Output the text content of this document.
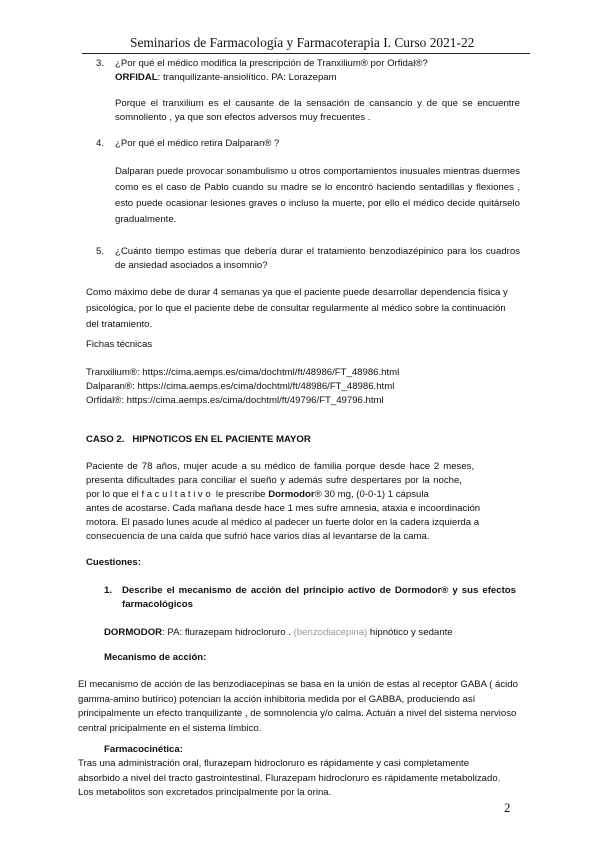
Seminarios de Farmacología y Farmacoterapia I. Curso 2021-22

3. ¿Por qué el médico modifica la prescripción de Tranxilium® por Orfidal®?

ORFIDAL: tranquilizante-ansiolítico. PA: Lorazepam

Porque el tranxilium es el causante de la sensación de cansancio y de que se encuentre somnoliento , ya que son efectos adversos muy frecuentes .

4. ¿Por qué el médico retira Dalparan® ?

Dalparan puede provocar sonambulismo u otros comportamientos inusuales mientras duermes como es el caso de Pablo cuando su madre se lo encontró haciendo sentadillas y flexiones , esto puede ocasionar lesiones graves o incluso la muerte, por ello el médico decide quitárselo gradualmente.

5. ¿Cuánto tiempo estimas que debería durar el tratamiento benzodiazépinico para los cuadros de ansiedad asociados a insomnio?

Como máximo debe de durar 4 semanas ya que el paciente puede desarrollar dependencia física y psicológica, por lo que el paciente debe de consultar regularmente al médico sobre la continuación del tratamiento.

Fichas técnicas

Tranxilium®: https://cima.aemps.es/cima/dochtml/ft/48986/FT_48986.html

Dalparan®: https://cima.aemps.es/cima/dochtml/ft/48986/FT_48986.html

Orfidal®: https://cima.aemps.es/cima/dochtml/ft/49796/FT_49796.html

CASO 2.   HIPNOTICOS EN EL PACIENTE MAYOR

Paciente de 78 años, mujer acude a su médico de familia porque desde hace 2 meses,

presenta dificultades para conciliar el sueño y además sufre despertares por la noche,

por lo que el facultativo le prescribe Dormodor® 30 mg, (0-0-1) 1 cápsula

antes de acostarse. Cada mañana desde hace 1 mes sufre amnesia, ataxia e incoordinación

motora. El pasado lunes acude al médico al padecer un fuerte dolor en la cadera izquierda a

consecuencia de una caída que sufrió hace varios días al levantarse de la cama.

Cuestiones:

1. Describe el mecanismo de acción del principio activo de Dormodor® y sus efectos farmacológicos

DORMODOR: PA: flurazepam hidrocloruro . (benzodiacepina) hipnótico y sedante

Mecanismo de acción:

El mecanismo de acción de las benzodiacepinas se basa en la unión de estas al receptor GABA ( ácido gamma-amino butírico) potencian la acción inhibitoria medida por el GABBA, produciendo así principalmente un efecto tranquilizante , de somnolencia y/o calma. Actuán a nivel del sistema nervioso central pricipalmente en el sistema límbico.

Farmacocinética:

Tras una administración oral, flurazepam hidrocloruro es rápidamente y casi completamente absorbido a nivel del tracto gastrointestinal. Flurazepam hidrocloruro es rápidamente metabolizado. Los metabolitos son excretados principalmente por la orina.

2
